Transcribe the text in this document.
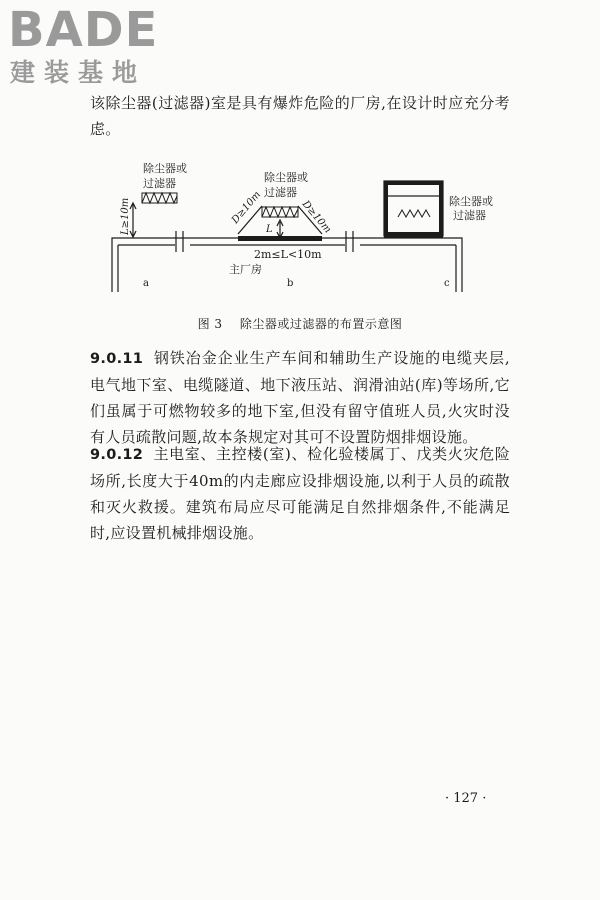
BADE
建装基地

该除尘器(过滤器)室是具有爆炸危险的厂房,在设计时应充分考虑。

除尘器或
过滤器	除尘器或
过滤器
除尘器或
过滤器
L≥10m	D≥10m	D≥10m
L
2m≤L<10m
主厂房
a	b	c
图 3 除尘器或过滤器的布置示意图

9.0.11 钢铁冶金企业生产车间和辅助生产设施的电缆夹层,电气地下室、电缆隧道、地下液压站、润滑油站(库)等场所,它们虽属于可燃物较多的地下室,但没有留守值班人员,火灾时没有人员疏散问题,故本条规定对其可不设置防烟排烟设施。

9.0.12 主电室、主控楼(室)、检化验楼属丁、戊类火灾危险场所,长度大于40m的内走廊应设排烟设施,以利于人员的疏散和灭火救援。建筑布局应尽可能满足自然排烟条件,不能满足时,应设置机械排烟设施。

· 127 ·
